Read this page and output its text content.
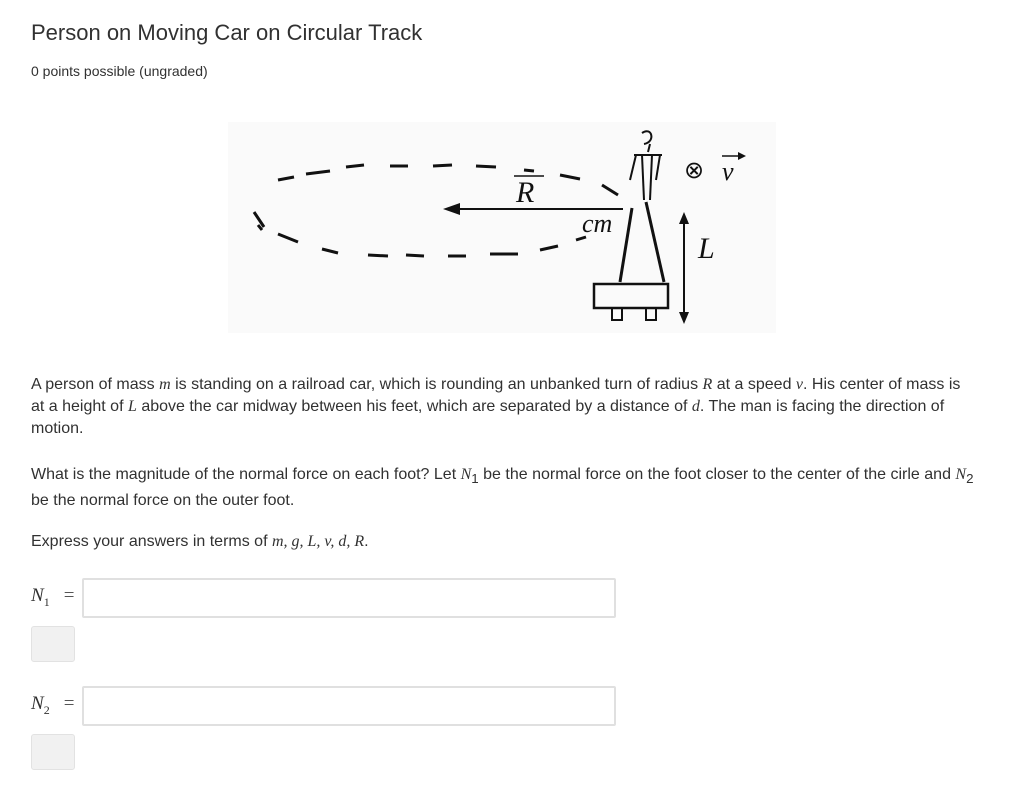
Person on Moving Car on Circular Track
0 points possible (ungraded)
R
cm
L
⊗ v

A person of mass m is standing on a railroad car, which is rounding an unbanked turn of radius R at a speed v. His center of mass is at a height of L above the car midway between his feet, which are separated by a distance of d. The man is facing the direction of motion.

What is the magnitude of the normal force on each foot? Let $N_1$ be the normal force on the foot closer to the center of the cirle and $N_2$ be the normal force on the outer foot.

Express your answers in terms of m, g, L, v, d, R.

$N_1$ =
$N_2$ =
